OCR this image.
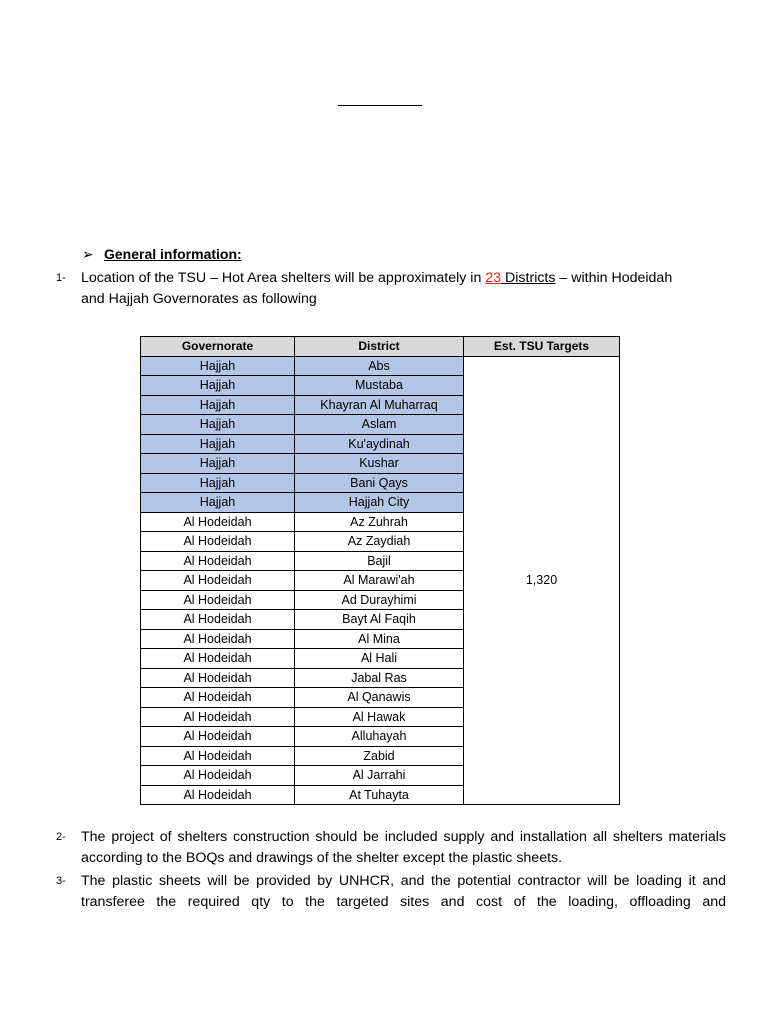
➢ General information:
1- Location of the TSU – Hot Area shelters will be approximately in 23 Districts – within Hodeidah
and Hajjah Governorates as following
Governorate	District	Est. TSU Targets
Hajjah	Abs	1,320
Hajjah	Mustaba	
Hajjah	Khayran Al Muharraq	
Hajjah	Aslam	
Hajjah	Ku'aydinah	
Hajjah	Kushar	
Hajjah	Bani Qays	
Hajjah	Hajjah City	
Al Hodeidah	Az Zuhrah	
Al Hodeidah	Az Zaydiah	
Al Hodeidah	Bajil	
Al Hodeidah	Al Marawi'ah	
Al Hodeidah	Ad Durayhimi	
Al Hodeidah	Bayt Al Faqih	
Al Hodeidah	Al Mina	
Al Hodeidah	Al Hali	
Al Hodeidah	Jabal Ras	
Al Hodeidah	Al Qanawis	
Al Hodeidah	Al Hawak	
Al Hodeidah	Alluhayah	
Al Hodeidah	Zabid	
Al Hodeidah	Al Jarrahi	
Al Hodeidah	At Tuhayta	
2- The project of shelters construction should be included supply and installation all shelters materials according to the BOQs and drawings of the shelter except the plastic sheets.
3- The plastic sheets will be provided by UNHCR, and the potential contractor will be loading it and
transferee the required qty to the targeted sites and cost of the loading, offloading and
